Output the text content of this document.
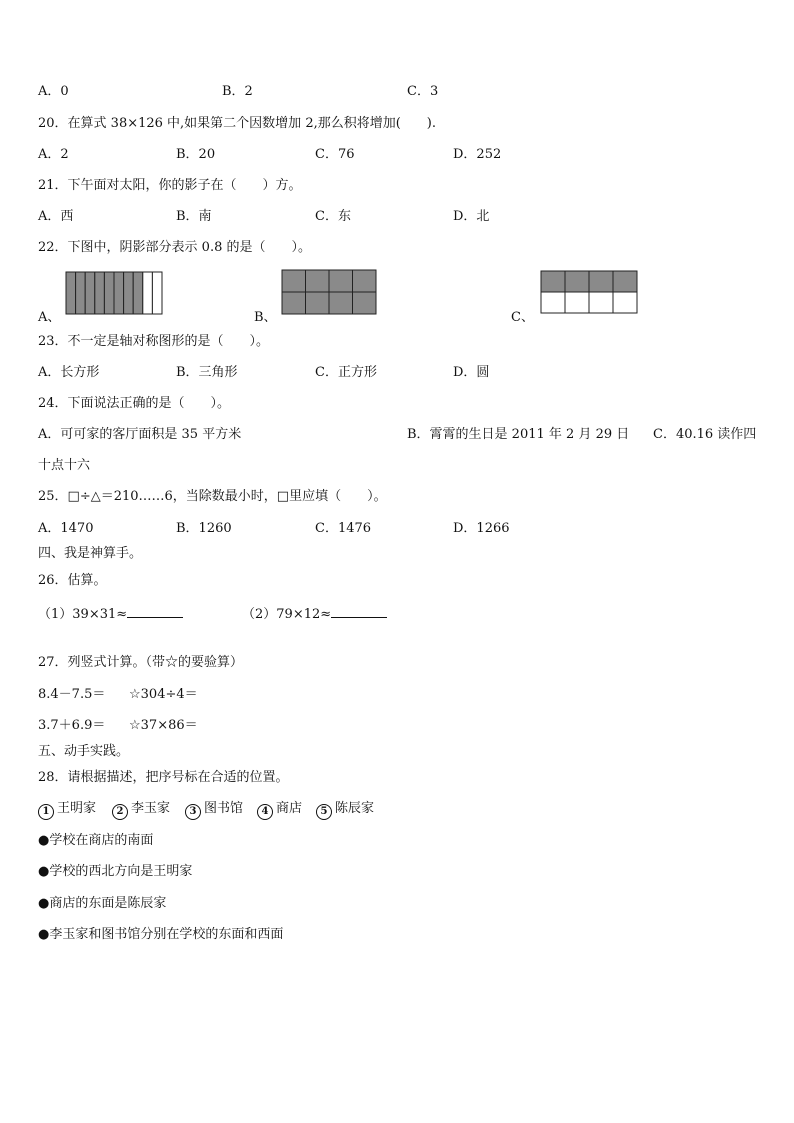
A．0	B．2	C．3
20．在算式 38×126 中,如果第二个因数增加 2,那么积将增加(　　).
A．2	B．20	C．76	D．252
21．下午面对太阳，你的影子在（　　）方。
A．西	B．南	C．东	D．北
22．下图中，阴影部分表示 0.8 的是（　　）。
A、	B、	C、
23．不一定是轴对称图形的是（　　）。
A．长方形	B．三角形	C．正方形	D．圆
24．下面说法正确的是（　　）。
A．可可家的客厅面积是 35 平方米	B．霄霄的生日是 2011 年 2 月 29 日 C．40.16 读作四
十点十六
25．□÷△＝210……6，当除数最小时，□里应填（　　）。
A．1470	B．1260	C．1476	D．1266
四、我是神算手。
26．估算。
（1）39×31≈	（2）79×12≈
27．列竖式计算。（带☆的要验算）
8.4－7.5＝ ☆304÷4＝
3.7＋6.9＝ ☆37×86＝
五、动手实践。
28．请根据描述，把序号标在合适的位置。
1 王明家	2 李玉家	3 图书馆	4 商店	5 陈辰家
●学校在商店的南面
●学校的西北方向是王明家
●商店的东面是陈辰家
●李玉家和图书馆分别在学校的东面和西面
